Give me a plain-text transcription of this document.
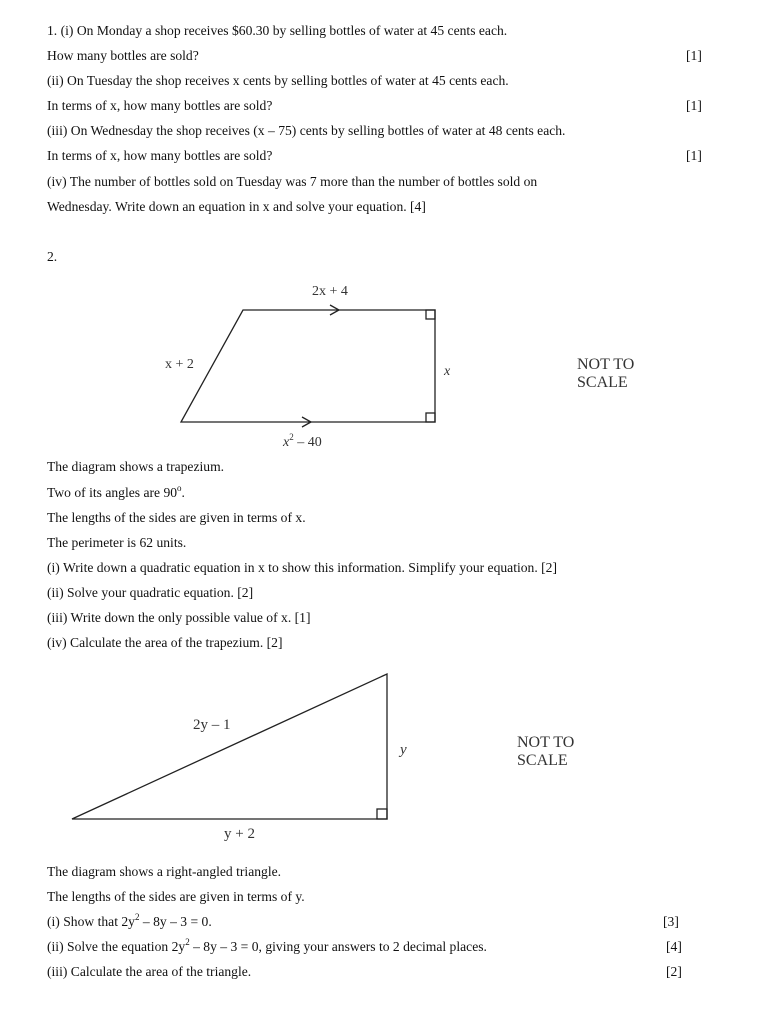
1. (i) On Monday a shop receives $60.30 by selling bottles of water at 45 cents each.
How many bottles are sold?	[1]
(ii) On Tuesday the shop receives x cents by selling bottles of water at 45 cents each.
In terms of x, how many bottles are sold?	[1]
(iii) On Wednesday the shop receives (x – 75) cents by selling bottles of water at 48 cents each.
In terms of x, how many bottles are sold?	[1]
(iv) The number of bottles sold on Tuesday was 7 more than the number of bottles sold on
Wednesday. Write down an equation in x and solve your equation. [4]
2.
2x + 4
x + 2	x
$x^2 - 40$
NOT TO
SCALE
The diagram shows a trapezium.
Two of its angles are 90$^o$.
The lengths of the sides are given in terms of x.
The perimeter is 62 units.
(i) Write down a quadratic equation in x to show this information. Simplify your equation. [2]
(ii) Solve your quadratic equation. [2]
(iii) Write down the only possible value of x. [1]
(iv) Calculate the area of the trapezium. [2]
2y – 1
y
y + 2
NOT TO
SCALE
The diagram shows a right-angled triangle.
The lengths of the sides are given in terms of y.
(i) Show that $2y^2 - 8y - 3 = 0$.	[3]
(ii) Solve the equation $2y^2 - 8y - 3 = 0$, giving your answers to 2 decimal places.	[4]
(iii) Calculate the area of the triangle.	[2]
